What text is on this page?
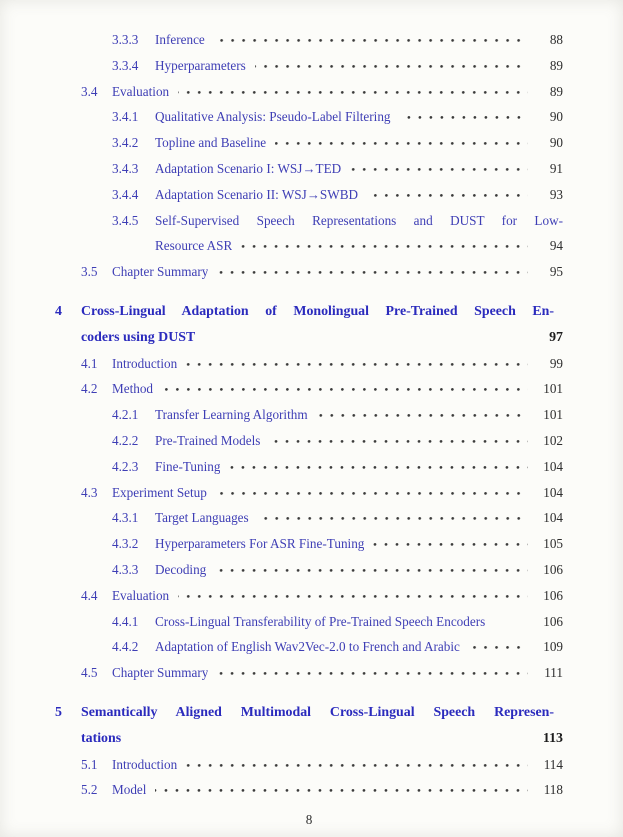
3.3.3	Inference	88
3.3.4	Hyperparameters	89
3.4	Evaluation	89
3.4.1	Qualitative Analysis: Pseudo-Label Filtering	90
3.4.2	Topline and Baseline	90
3.4.3	Adaptation Scenario I: WSJ→TED	91
3.4.4	Adaptation Scenario II: WSJ→SWBD	93
3.4.5	Self-Supervised Speech Representations and DUST for Low-
Resource ASR	94
3.5	Chapter Summary	95
4	Cross-Lingual Adaptation of Monolingual Pre-Trained Speech En-
coders using DUST	97
4.1	Introduction	99
4.2	Method	101
4.2.1	Transfer Learning Algorithm	101
4.2.2	Pre-Trained Models	102
4.2.3	Fine-Tuning	104
4.3	Experiment Setup	104
4.3.1	Target Languages	104
4.3.2	Hyperparameters For ASR Fine-Tuning	105
4.3.3	Decoding	106
4.4	Evaluation	106
4.4.1	Cross-Lingual Transferability of Pre-Trained Speech Encoders	106
4.4.2	Adaptation of English Wav2Vec-2.0 to French and Arabic	109
4.5	Chapter Summary	111
5	Semantically Aligned Multimodal Cross-Lingual Speech Represen-
tations	113
5.1	Introduction	114
5.2	Model	118
8
